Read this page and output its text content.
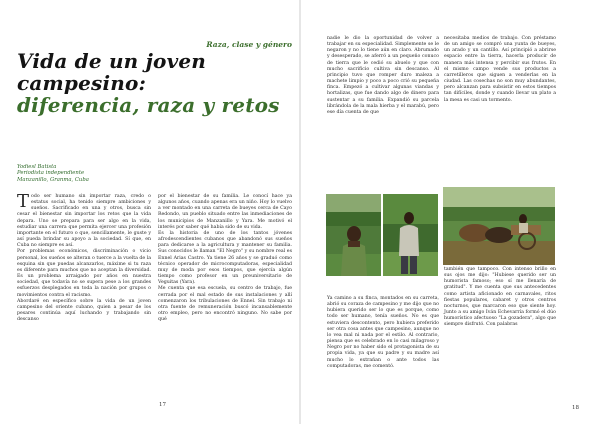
Raza, clase y género
Vida de un joven campesino:
diferencia, raza y retos
Yodiesl Batista
Periodista independiente
Manzanillo, Granma, Cuba

Todo ser humano sin importar raza, credo o estatus social, ha tenido siempre ambiciones y sueños. Sacrificado en una y otros, busca sin cesar el bienestar sin importar los retos que la vida depara. Uno se prepara para ser algo en la vida, estudiar una carrera que permita ejercer una profesión importante en el futuro o que, sencillamente, le guste y así pueda brindar su apoyo a la sociedad. Sí que, en Cuba no siempre es así.

Por problemas económicos, discriminación o vicio personal, los sueños se alteran o tuerce a la vuelta de la esquina sin que puedas alcanzarlos, máxime si tu raza es diferente para muchos que no aceptan la diversidad. Es un problema arraigado por años en nuestra sociedad, que todavía no se supera pese a los grandes esfuerzos desplegados en toda la nación por grupos o movimientos contra el racismo.

Abordaré en específico sobre la vida de un joven campesino del oriente cubano, quien a pesar de los pesares continúa aquí luchando y trabajando sin descanso

por el bienestar de su familia. Le conocí hace ya algunos años, cuando apenas era un niño. Hoy lo vuelvo a ver montado en una carreta de bueyes cerca de Cayo Redondo, un pueblo situado entre las inmediaciones de los municipios de Manzanillo y Yara. Me motivó el interés por saber qué había sido de su vida.

Es la historia de uno de los tantos jóvenes afrodescendientes cubanos que abandonó sus sueños para dedicarse a la agricultura y mantener su familia. Sus conocidos le llaman "El Negro" y su nombre real es Ennel Arias Castro. Ya tiene 26 años y se graduó como técnico operador de microcomputadoras, especialidad muy de moda por esos tiempos, que ejercía algún tiempo como profesor en un preuniversitario de Veguitas (Yara).

Me cuenta que esa escuela, su centro de trabajo, fue cerrada por el mal estado de sus instalaciones y allí comenzaron los tribulaciones de Ennel. Sin trabajo ni otra fuente de remuneración buscó incansablemente otro empleo, pero no encontró ninguno. No sabe por qué

17

nadie le dio la oportunidad de volver a trabajar en su especialidad. Simplemente se le negaron y no lo tiene aún en claro. Abrumado y desesperado, se aferró a un pequeño conuco de tierra que le cedió su abuelo y que con mucho sacrificio cultiva sin descanso. Al principio tuvo que romper duro maleza a machete limpio y poco a poco crió su pequeña finca. Empezó a cultivar algunas viandas y hortalizas, que fue dando algo de dinero para sustentar a su familia. Expandió su parcela librándola de la mala hierba y el marabú, pero ese día cuenta de que

necesitaba medios de trabajo. Con préstamo de un amigo se compró una yunta de bueyes, un arado y un cantillo. Así principió a abrirse espacio entre la tierra, hacerla producir de manera más intensa y percibir sus frutos. En el mismo campo vende sus productos a carretilleros que siguen a venderlas en la ciudad. Las cosechas no son muy abundantes, pero alcanzan para subsistir en estos tiempos tan difíciles, donde y cuando llevar un plato a la mesa es casi un tormento.

Ya camino a su finca, montados en su carreta, abrió su coraza de campesino y me dijo que no hubiera querido ser lo que es porque, como todo ser humano, tenía sueños. No es que estuviera descontento, pero hubiera preferido ser otra cosa antes que campesino, aunque no lo vea mal ni nada por el estilo. Al contrario, piensa que es celebrado en lo casi milagroso y Negro por no haber sido el protagonista de su propia vida, ya que su padre y su madre así mucho lo extrañan o ante todos las computadoras, me comentó.

también que tampoco. Con intenso brillo en sus ojos me dijo: "Hubiese querido ser un humorista famoso; eso sí me llenaría de gratitud". Y me cuenta que sus antecedentes como artista aficionado en carnavales, ritos fiestas populares, cabaret y otros centros nocturnos, que marcaron eso que siente hoy. Junto a su amigo Iván Echevarría formó el dúo humorístico afectuoso "La gozadera", algo que siempre disfrutó. Con palabras

18
